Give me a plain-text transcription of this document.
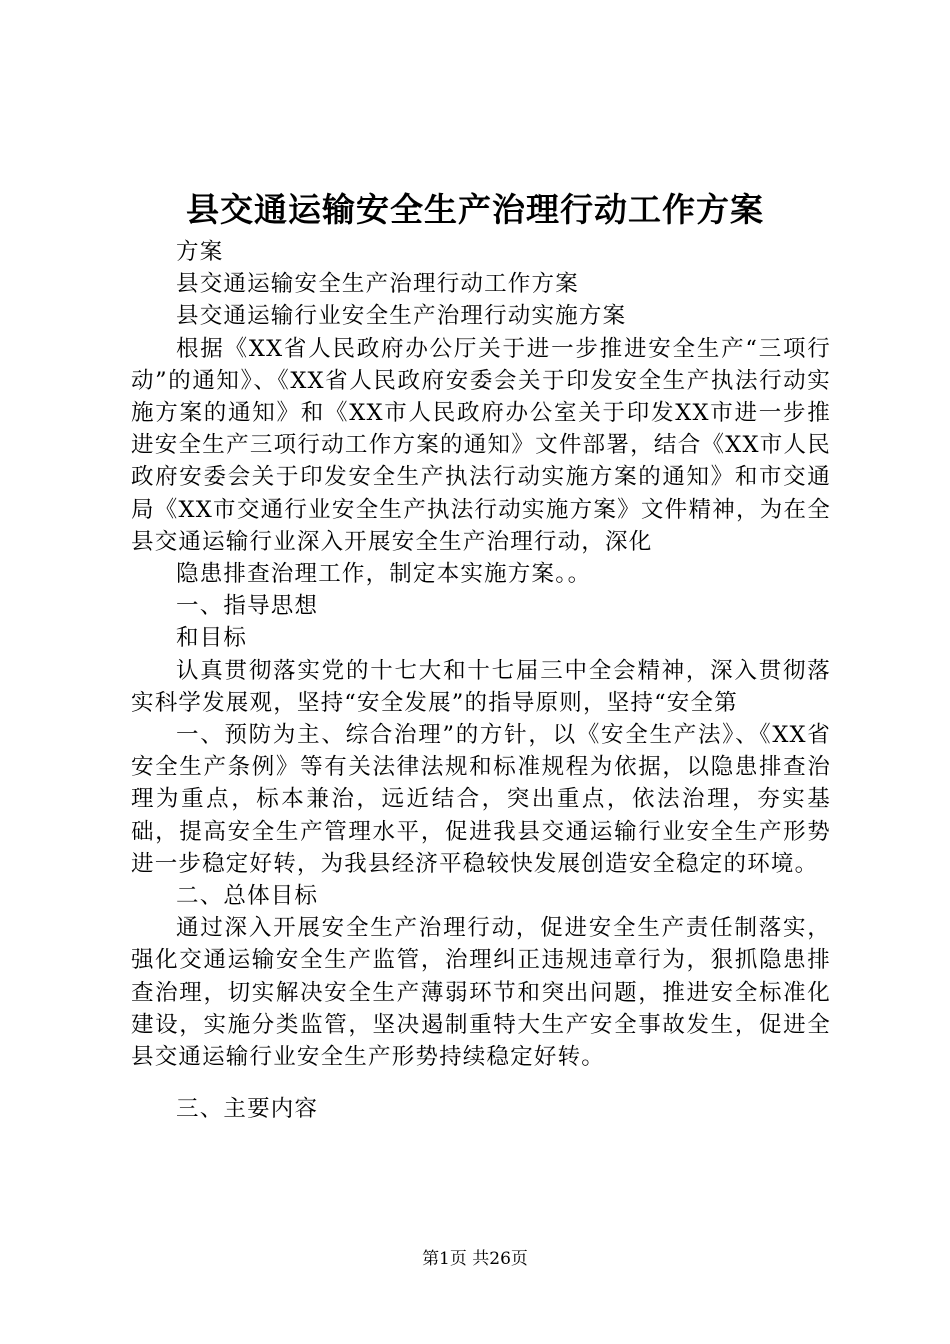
县交通运输安全生产治理行动工作方案

方案

县交通运输安全生产治理行动工作方案

县交通运输行业安全生产治理行动实施方案

根据《XX省人民政府办公厅关于进一步推进安全生产“三项行动”的通知》、《XX省人民政府安委会关于印发安全生产执法行动实施方案的通知》和《XX市人民政府办公室关于印发XX市进一步推进安全生产三项行动工作方案的通知》文件部署，结合《XX市人民政府安委会关于印发安全生产执法行动实施方案的通知》和市交通局《XX市交通行业安全生产执法行动实施方案》文件精神，为在全县交通运输行业深入开展安全生产治理行动，深化

隐患排查治理工作，制定本实施方案。。

一、指导思想

和目标

认真贯彻落实党的十七大和十七届三中全会精神，深入贯彻落实科学发展观，坚持“安全发展”的指导原则，坚持“安全第

一、预防为主、综合治理”的方针，以《安全生产法》、《XX省安全生产条例》等有关法律法规和标准规程为依据，以隐患排查治理为重点，标本兼治，远近结合，突出重点，依法治理，夯实基础，提高安全生产管理水平，促进我县交通运输行业安全生产形势进一步稳定好转，为我县经济平稳较快发展创造安全稳定的环境。

二、总体目标

通过深入开展安全生产治理行动，促进安全生产责任制落实，强化交通运输安全生产监管，治理纠正违规违章行为，狠抓隐患排查治理，切实解决安全生产薄弱环节和突出问题，推进安全标准化建设，实施分类监管，坚决遏制重特大生产安全事故发生，促进全县交通运输行业安全生产形势持续稳定好转。

三、主要内容

第1页 共26页
